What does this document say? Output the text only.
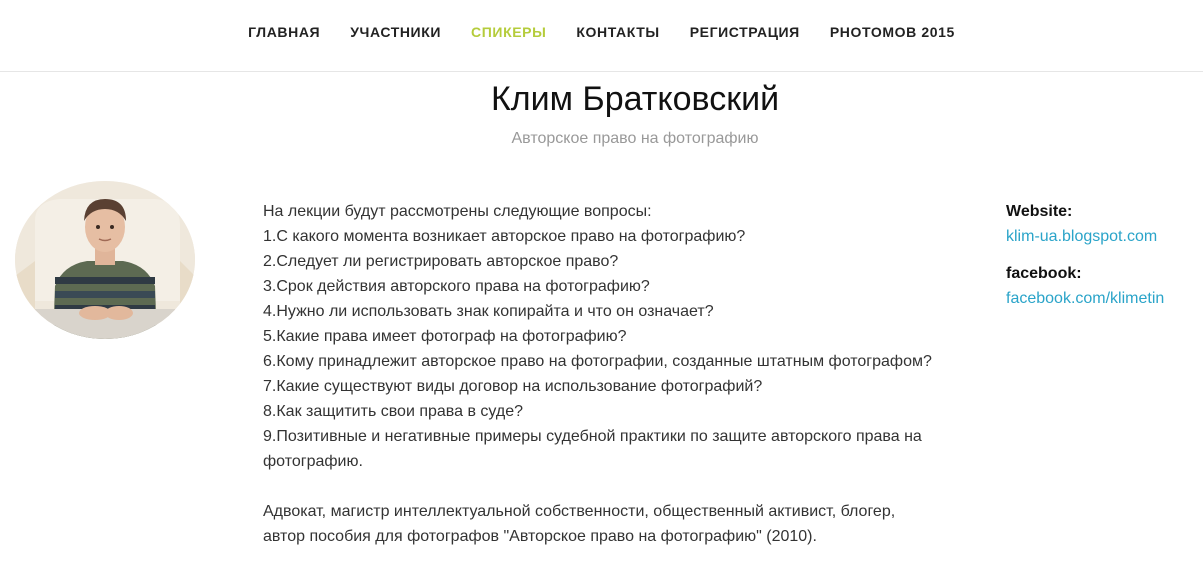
ГЛАВНАЯ УЧАСТНИКИ СПИКЕРЫ КОНТАКТЫ РЕГИСТРАЦИЯ PHOTOMOB 2015
Клим Братковский
Авторское право на фотографию

На лекции будут рассмотрены следующие вопросы:

1.С какого момента возникает авторское право на фотографию?

2.Следует ли регистрировать авторское право?

3.Срок действия авторского права на фотографию?

4.Нужно ли использовать знак копирайта и что он означает?

5.Какие права имеет фотограф на фотографию?

6.Кому принадлежит авторское право на фотографии, созданные штатным фотографом?

7.Какие существуют виды договор на использование фотографий?

8.Как защитить свои права в суде?

9.Позитивные и негативные примеры судебной практики по защите авторского права на фотографию.

Адвокат, магистр интеллектуальной собственности, общественный активист, блогер, автор пособия для фотографов "Авторское право на фотографию" (2010).

Website:
klim-ua.blogspot.com
facebook:
facebook.com/klimetin
